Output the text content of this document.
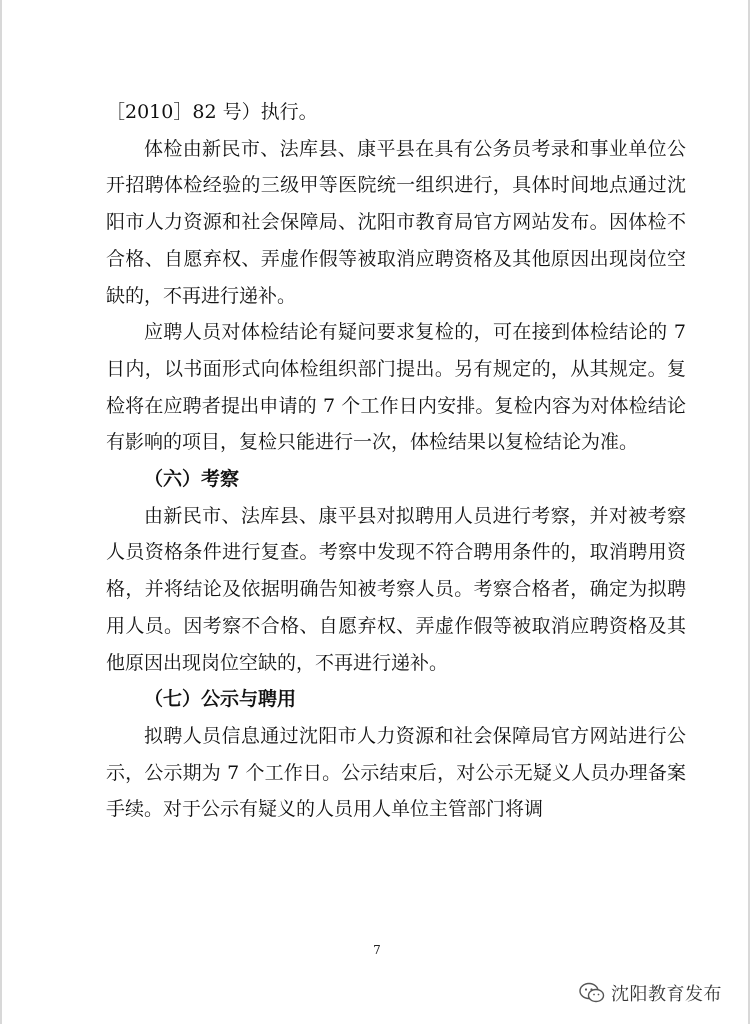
［2010］82 号）执行。

体检由新民市、法库县、康平县在具有公务员考录和事业单位公开招聘体检经验的三级甲等医院统一组织进行，具体时间地点通过沈阳市人力资源和社会保障局、沈阳市教育局官方网站发布。因体检不合格、自愿弃权、弄虚作假等被取消应聘资格及其他原因出现岗位空缺的，不再进行递补。

应聘人员对体检结论有疑问要求复检的，可在接到体检结论的 7 日内，以书面形式向体检组织部门提出。另有规定的，从其规定。复检将在应聘者提出申请的 7 个工作日内安排。复检内容为对体检结论有影响的项目，复检只能进行一次，体检结果以复检结论为准。

（六）考察

由新民市、法库县、康平县对拟聘用人员进行考察，并对被考察人员资格条件进行复查。考察中发现不符合聘用条件的，取消聘用资格，并将结论及依据明确告知被考察人员。考察合格者，确定为拟聘用人员。因考察不合格、自愿弃权、弄虚作假等被取消应聘资格及其他原因出现岗位空缺的，不再进行递补。

（七）公示与聘用

拟聘人员信息通过沈阳市人力资源和社会保障局官方网站进行公示，公示期为 7 个工作日。公示结束后，对公示无疑义人员办理备案手续。对于公示有疑义的人员用人单位主管部门将调

7
沈阳教育发布
